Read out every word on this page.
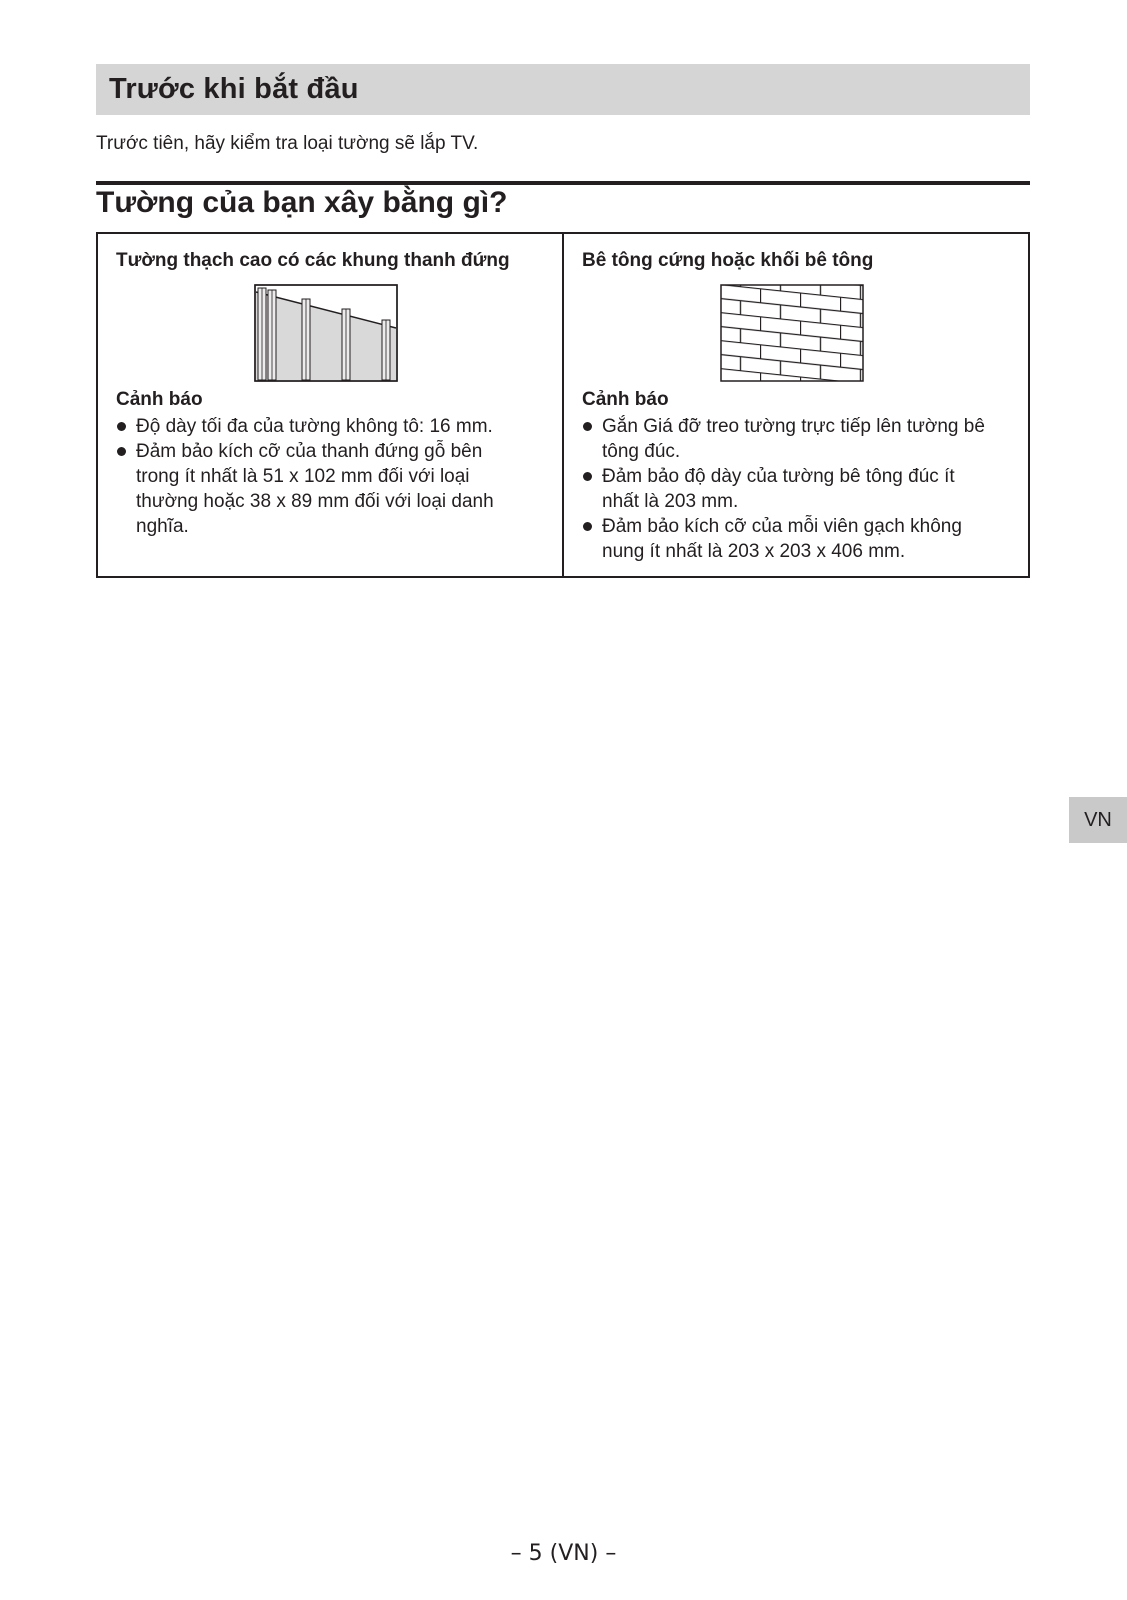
Trước khi bắt đầu

Trước tiên, hãy kiểm tra loại tường sẽ lắp TV.

Tường của bạn xây bằng gì?

Tường thạch cao có các khung thanh đứng

Cảnh báo

Độ dày tối đa của tường không tô: 16 mm.
Đảm bảo kích cỡ của thanh đứng gỗ bên trong ít nhất là 51 x 102 mm đối với loại thường hoặc 38 x 89 mm đối với loại danh nghĩa.

Bê tông cứng hoặc khối bê tông

Cảnh báo

Gắn Giá đỡ treo tường trực tiếp lên tường bê tông đúc.
Đảm bảo độ dày của tường bê tông đúc ít nhất là 203 mm.
Đảm bảo kích cỡ của mỗi viên gạch không nung ít nhất là 203 x 203 x 406 mm.
VN

– 5 (VN) –
